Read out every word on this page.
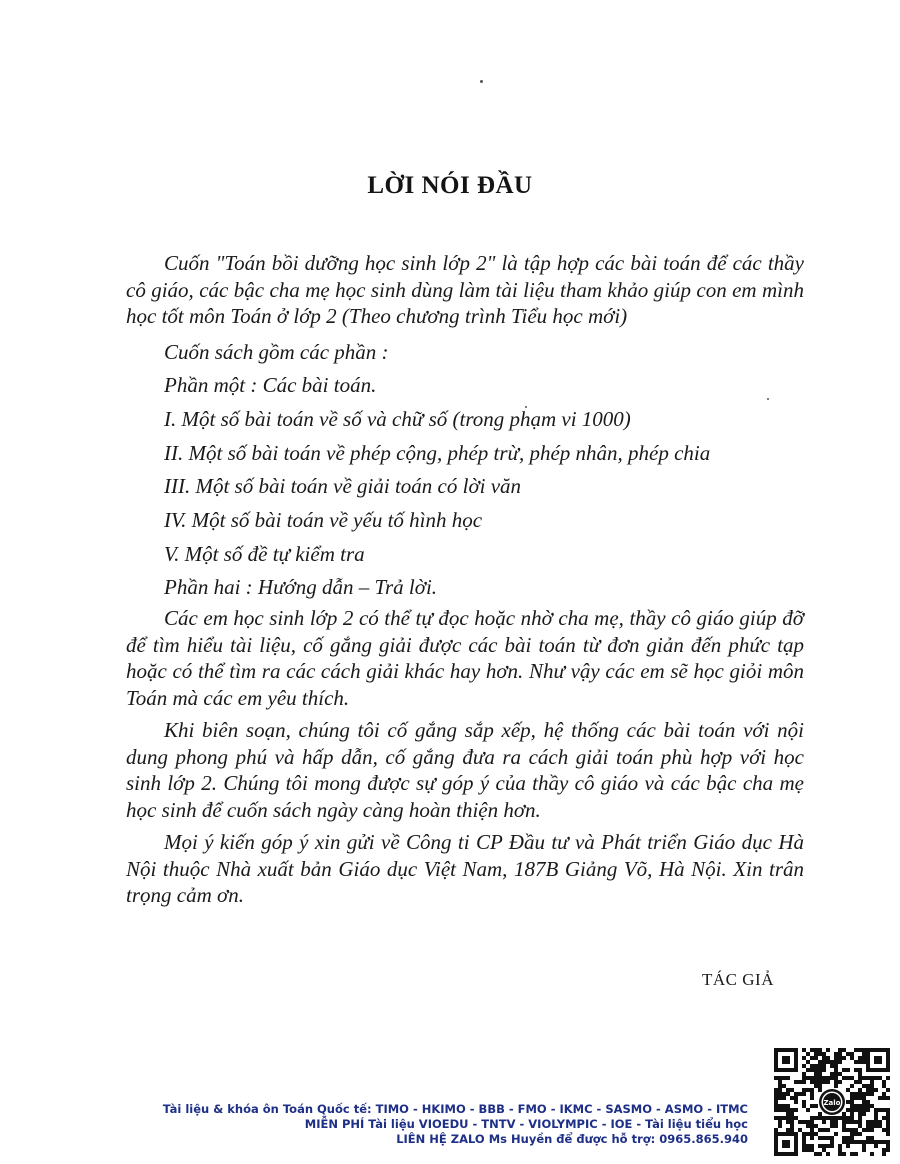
LỜI NÓI ĐẦU

Cuốn "Toán bồi dưỡng học sinh lớp 2" là tập hợp các bài toán để các thầy cô giáo, các bậc cha mẹ học sinh dùng làm tài liệu tham khảo giúp con em mình học tốt môn Toán ở lớp 2 (Theo chương trình Tiểu học mới)

Cuốn sách gồm các phần :

Phần một : Các bài toán.

I. Một số bài toán về số và chữ số (trong phạm vi 1000)

II. Một số bài toán về phép cộng, phép trừ, phép nhân, phép chia

III. Một số bài toán về giải toán có lời văn

IV. Một số bài toán về yếu tố hình học

V. Một số đề tự kiểm tra

Phần hai : Hướng dẫn – Trả lời.

Các em học sinh lớp 2 có thể tự đọc hoặc nhờ cha mẹ, thầy cô giáo giúp đỡ để tìm hiểu tài liệu, cố gắng giải được các bài toán từ đơn giản đến phức tạp hoặc có thể tìm ra các cách giải khác hay hơn. Như vậy các em sẽ học giỏi môn Toán mà các em yêu thích.

Khi biên soạn, chúng tôi cố gắng sắp xếp, hệ thống các bài toán với nội dung phong phú và hấp dẫn, cố gắng đưa ra cách giải toán phù hợp với học sinh lớp 2. Chúng tôi mong được sự góp ý của thầy cô giáo và các bậc cha mẹ học sinh để cuốn sách ngày càng hoàn thiện hơn.

Mọi ý kiến góp ý xin gửi về Công ti CP Đầu tư và Phát triển Giáo dục Hà Nội thuộc Nhà xuất bản Giáo dục Việt Nam, 187B Giảng Võ, Hà Nội. Xin trân trọng cảm ơn.

TÁC GIẢ
Tài liệu & khóa ôn Toán Quốc tế: TIMO - HKIMO - BBB - FMO - IKMC - SASMO - ASMO - ITMC
MIỄN PHÍ Tài liệu VIOEDU - TNTV - VIOLYMPIC - IOE - Tài liệu tiểu học
LIÊN HỆ ZALO Ms Huyền để được hỗ trợ: 0965.865.940
Zalo
